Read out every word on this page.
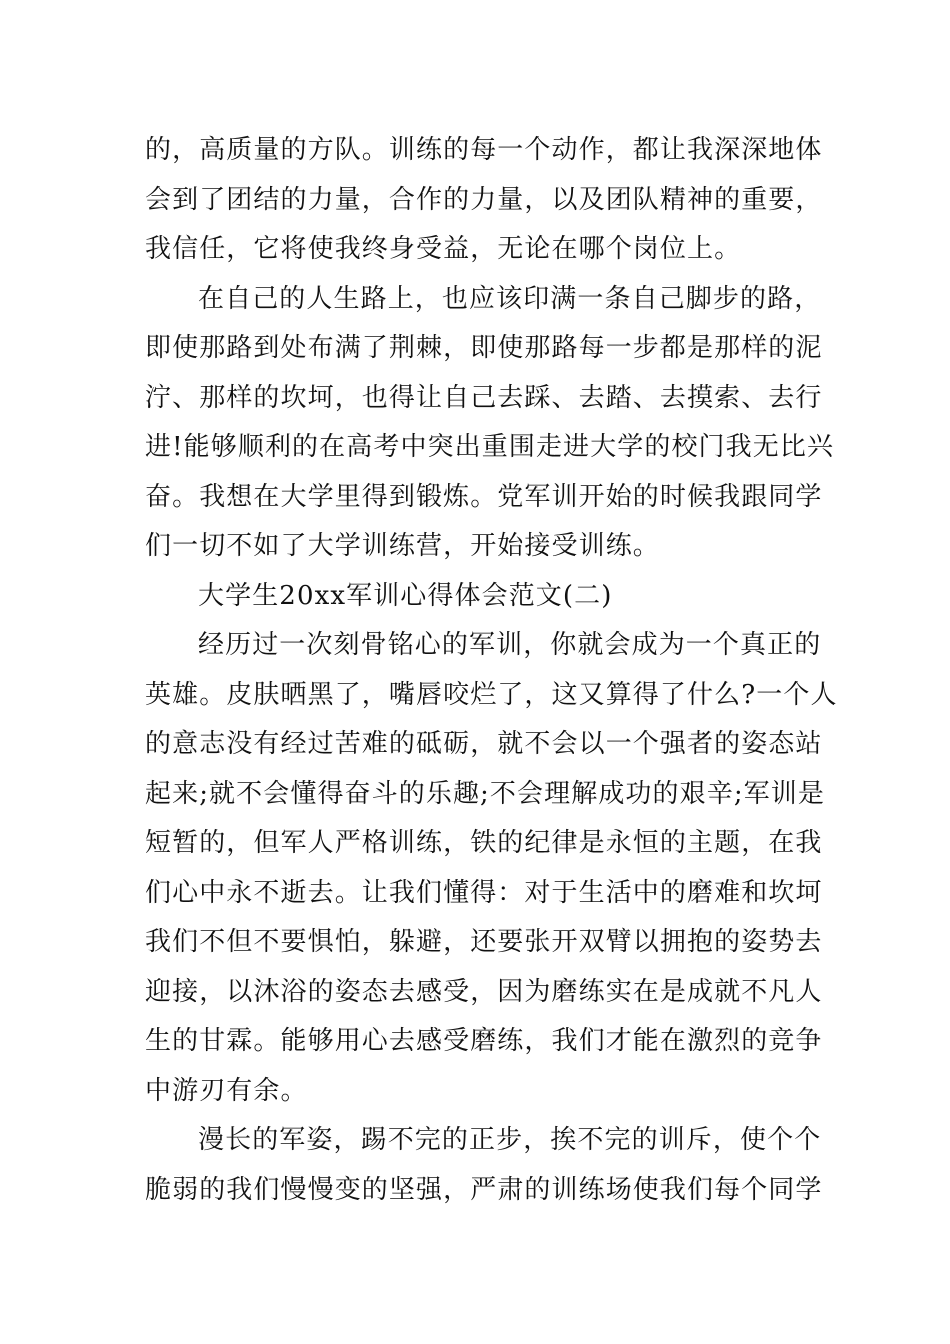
的，高质量的方队。训练的每一个动作，都让我深深地体
会到了团结的力量，合作的力量，以及团队精神的重要，
我信任，它将使我终身受益，无论在哪个岗位上。
在自己的人生路上，也应该印满一条自己脚步的路，
即使那路到处布满了荆棘，即使那路每一步都是那样的泥
泞、那样的坎坷，也得让自己去踩、去踏、去摸索、去行
进!能够顺利的在高考中突出重围走进大学的校门我无比兴
奋。我想在大学里得到锻炼。党军训开始的时候我跟同学
们一切不如了大学训练营，开始接受训练。
大学生20xx军训心得体会范文(二)
经历过一次刻骨铭心的军训，你就会成为一个真正的
英雄。皮肤晒黑了，嘴唇咬烂了，这又算得了什么?一个人
的意志没有经过苦难的砥砺，就不会以一个强者的姿态站
起来;就不会懂得奋斗的乐趣;不会理解成功的艰辛;军训是
短暂的，但军人严格训练，铁的纪律是永恒的主题，在我
们心中永不逝去。让我们懂得：对于生活中的磨难和坎坷
我们不但不要惧怕，躲避，还要张开双臂以拥抱的姿势去
迎接，以沐浴的姿态去感受，因为磨练实在是成就不凡人
生的甘霖。能够用心去感受磨练，我们才能在激烈的竞争
中游刃有余。
漫长的军姿，踢不完的正步，挨不完的训斥，使个个
脆弱的我们慢慢变的坚强，严肃的训练场使我们每个同学
